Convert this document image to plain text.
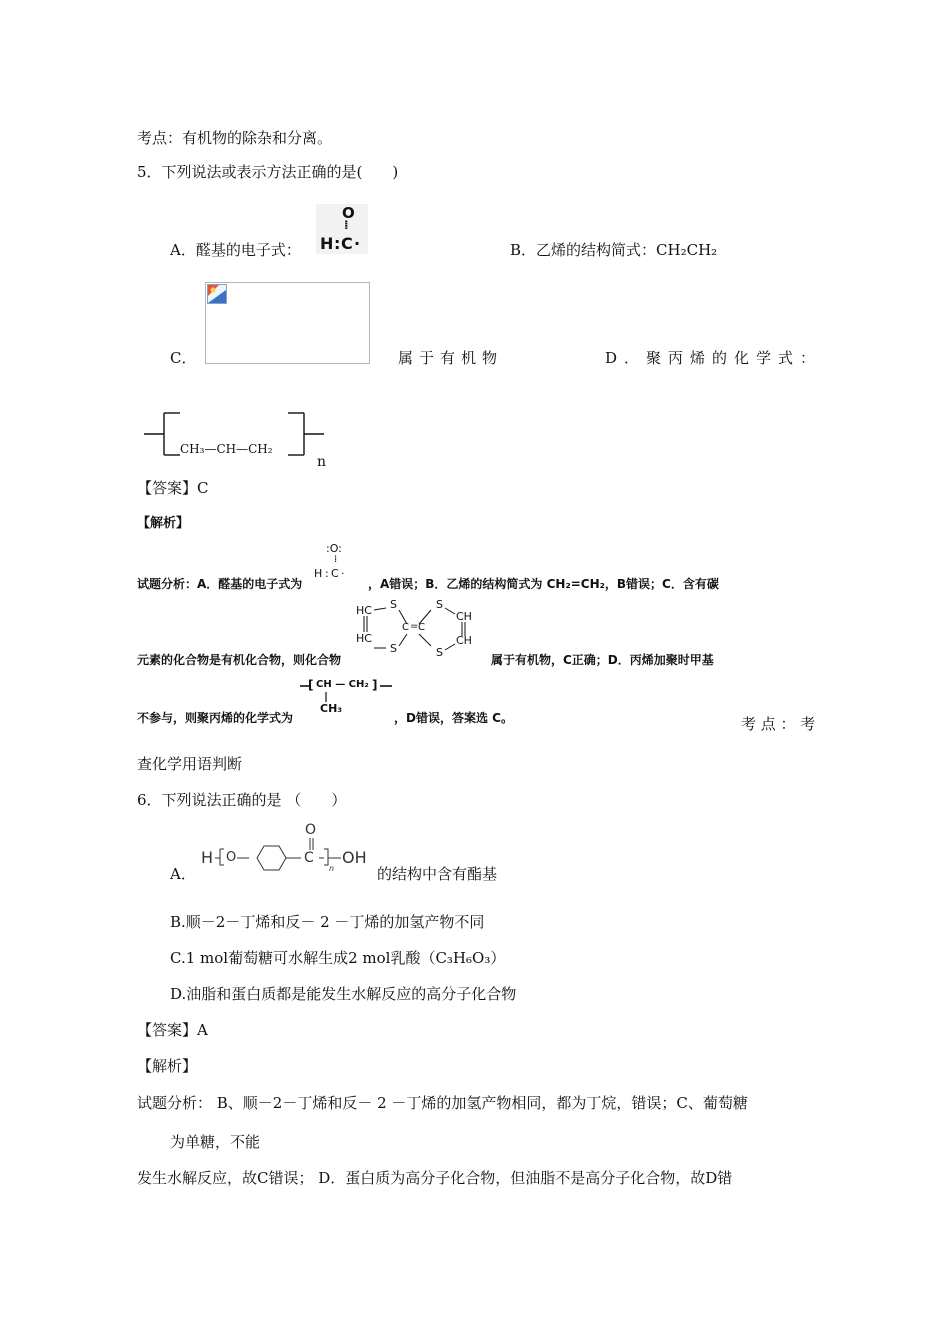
考点：有机物的除杂和分离。
5．下列说法或表示方法正确的是(　　)
A．醛基的电子式：
O
⁞
H : C ·	B．乙烯的结构简式：CH₂CH₂
C．	属于有机物	D．聚丙烯的化学式：
CH₃—CH—CH₂
n
【答案】C
【解析】
试题分析：A．醛基的电子式为
:O:
⁞
H : C ·
，A错误；B．乙烯的结构简式为 CH₂=CH₂，B错误；C．含有碳
元素的化合物是有机化合物，则化合物
HC S
HC
S
C = C
S
CH
CH
S
属于有机物，C正确；D．丙烯加聚时甲基
不参与，则聚丙烯的化学式为
[ CH — CH₂ ]
CH₃
，D错误，答案选 C。	考 点 ： 考
查化学用语判断
6．下列说法正确的是 （　　）
A．
H O
O
C
n
OH
的结构中含有酯基
B.顺－2－丁烯和反－ 2 －丁烯的加氢产物不同
C.1 mol葡萄糖可水解生成2 mol乳酸（C₃H₆O₃）
D.油脂和蛋白质都是能发生水解反应的高分子化合物
【答案】A
【解析】
试题分析： B、顺－2－丁烯和反－ 2 －丁烯的加氢产物相同，都为丁烷，错误；C、葡萄糖
为单糖，不能
发生水解反应，故C错误； D．蛋白质为高分子化合物，但油脂不是高分子化合物，故D错
